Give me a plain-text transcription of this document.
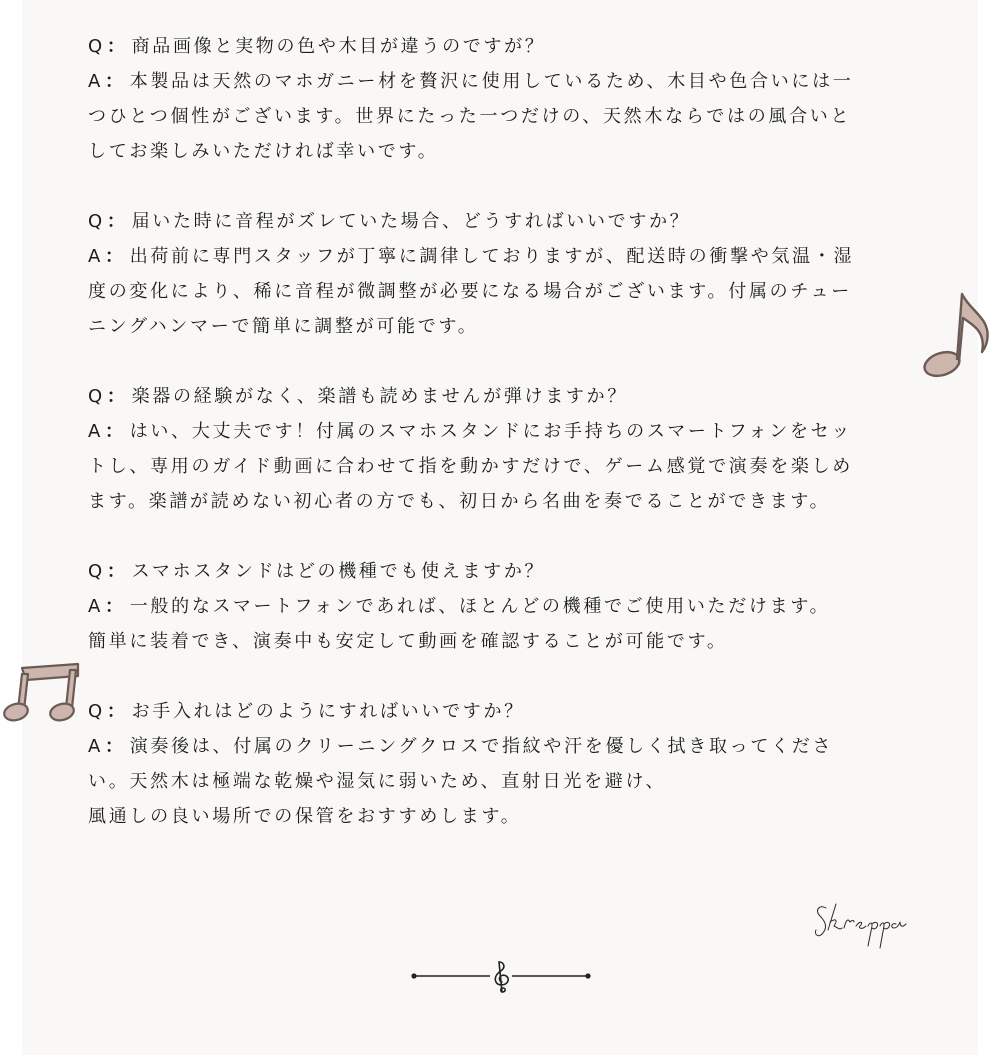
Q ： 商品画像と実物の色や木目が違うのですが？

A ： 本製品は天然のマホガニー材を贅沢に使用しているため、木目や色合いには一

つひとつ個性がございます。世界にたった一つだけの、天然木ならではの風合いと

してお楽しみいただければ幸いです。

Q ： 届いた時に音程がズレていた場合、どうすればいいですか？

A ： 出荷前に専門スタッフが丁寧に調律しておりますが、配送時の衝撃や気温・湿

度の変化により、稀に音程が微調整が必要になる場合がございます。付属のチュー

ニングハンマーで簡単に調整が可能です。

Q ： 楽器の経験がなく、楽譜も読めませんが弾けますか？

A ： はい、大丈夫です！付属のスマホスタンドにお手持ちのスマートフォンをセッ

トし、専用のガイド動画に合わせて指を動かすだけで、ゲーム感覚で演奏を楽しめ

ます。楽譜が読めない初心者の方でも、初日から名曲を奏でることができます。

Q ： スマホスタンドはどの機種でも使えますか？

A ： 一般的なスマートフォンであれば、ほとんどの機種でご使用いただけます。

簡単に装着でき、演奏中も安定して動画を確認することが可能です。

Q ： お手入れはどのようにすればいいですか？

A ： 演奏後は、付属のクリーニングクロスで指紋や汗を優しく拭き取ってくださ

い。天然木は極端な乾燥や湿気に弱いため、直射日光を避け、

風通しの良い場所での保管をおすすめします。
